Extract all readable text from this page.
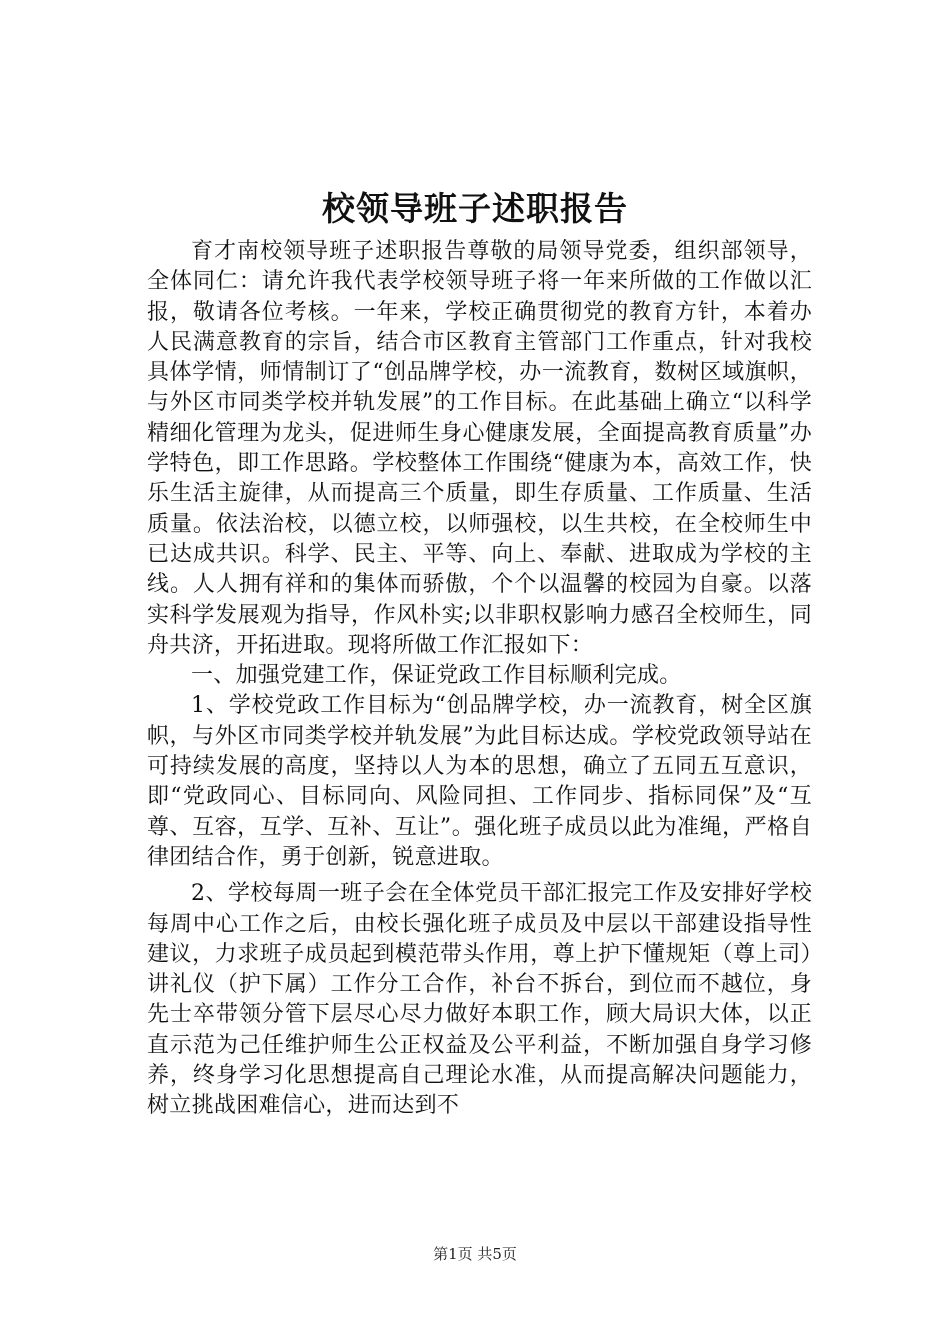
校领导班子述职报告

育才南校领导班子述职报告尊敬的局领导党委，组织部领导，全体同仁：请允许我代表学校领导班子将一年来所做的工作做以汇报，敬请各位考核。一年来，学校正确贯彻党的教育方针，本着办人民满意教育的宗旨，结合市区教育主管部门工作重点，针对我校具体学情，师情制订了“创品牌学校，办一流教育，数树区域旗帜，与外区市同类学校并轨发展”的工作目标。在此基础上确立“以科学精细化管理为龙头，促进师生身心健康发展，全面提高教育质量”办学特色，即工作思路。学校整体工作围绕“健康为本，高效工作，快乐生活主旋律，从而提高三个质量，即生存质量、工作质量、生活质量。依法治校，以德立校，以师强校，以生共校，在全校师生中已达成共识。科学、民主、平等、向上、奉献、进取成为学校的主线。人人拥有祥和的集体而骄傲，个个以温馨的校园为自豪。以落实科学发展观为指导，作风朴实;以非职权影响力感召全校师生，同舟共济，开拓进取。现将所做工作汇报如下：

一、加强党建工作，保证党政工作目标顺利完成。

1、学校党政工作目标为“创品牌学校，办一流教育，树全区旗帜，与外区市同类学校并轨发展”为此目标达成。学校党政领导站在可持续发展的高度，坚持以人为本的思想，确立了五同五互意识，即“党政同心、目标同向、风险同担、工作同步、指标同保”及“互尊、互容，互学、互补、互让”。强化班子成员以此为准绳，严格自律团结合作，勇于创新，锐意进取。

2、学校每周一班子会在全体党员干部汇报完工作及安排好学校每周中心工作之后，由校长强化班子成员及中层以干部建设指导性建议，力求班子成员起到模范带头作用，尊上护下懂规矩（尊上司）讲礼仪（护下属）工作分工合作，补台不拆台，到位而不越位，身先士卒带领分管下层尽心尽力做好本职工作，顾大局识大体，以正直示范为己任维护师生公正权益及公平利益，不断加强自身学习修养，终身学习化思想提高自己理论水准，从而提高解决问题能力，树立挑战困难信心，进而达到不

第1页 共5页
